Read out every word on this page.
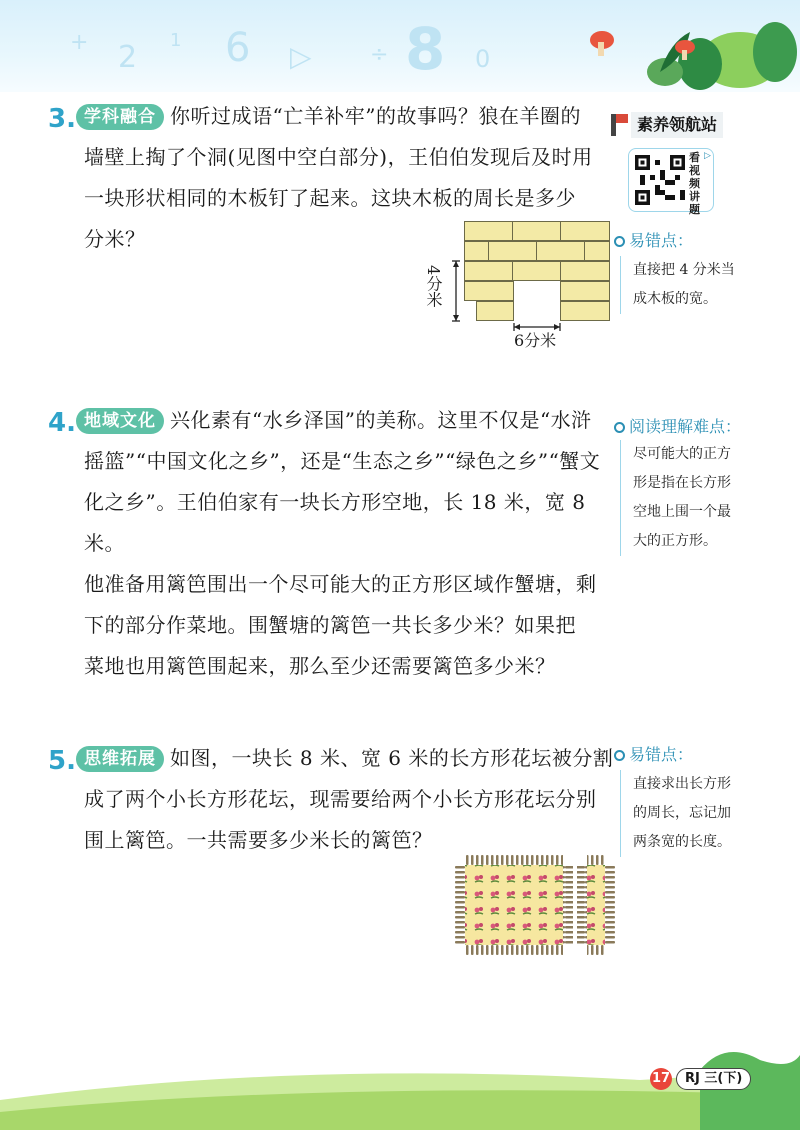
+ 2 1 6 ▷	÷ 8 0
素养领航站
看视频讲题
▷
3. 学科融合 你听过成语“亡羊补牢”的故事吗？狼在羊圈的
墙壁上掏了个洞(见图中空白部分)，王伯伯发现后及时用
一块形状相同的木板钉了起来。这块木板的周长是多少
分米？
4分米
6分米
易错点：
直接把 4 分米当
成木板的宽。
4. 地域文化 兴化素有“水乡泽国”的美称。这里不仅是“水浒
摇篮”“中国文化之乡”，还是“生态之乡”“绿色之乡”“蟹文
化之乡”。王伯伯家有一块长方形空地，长 18 米，宽 8 米。
他准备用篱笆围出一个尽可能大的正方形区域作蟹塘，剩
下的部分作菜地。围蟹塘的篱笆一共长多少米？如果把
菜地也用篱笆围起来，那么至少还需要篱笆多少米？
阅读理解难点：
尽可能大的正方
形是指在长方形
空地上围一个最
大的正方形。
5. 思维拓展 如图，一块长 8 米、宽 6 米的长方形花坛被分割
成了两个小长方形花坛，现需要给两个小长方形花坛分别
围上篱笆。一共需要多少米长的篱笆？
易错点：
直接求出长方形
的周长，忘记加
两条宽的长度。
17	RJ 三(下)
